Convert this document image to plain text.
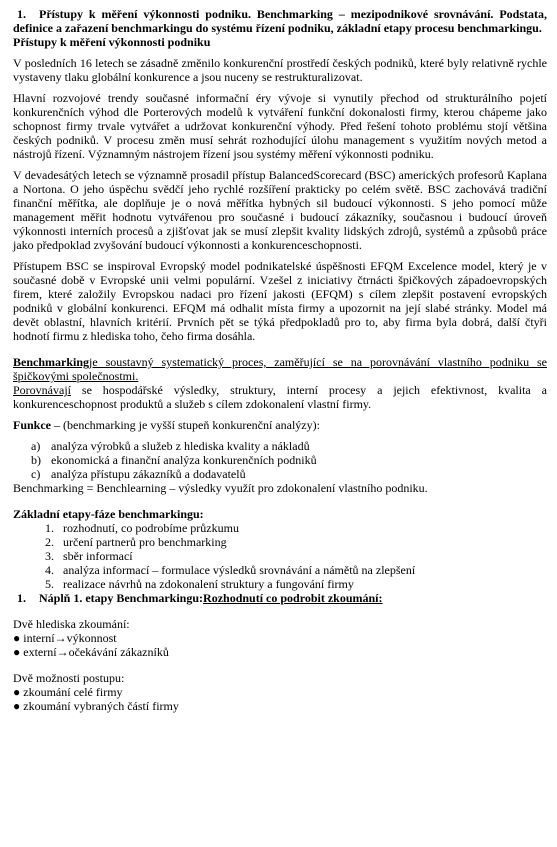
1. Přístupy k měření výkonnosti podniku. Benchmarking – mezipodnikové srovnávání. Podstata, definice a zařazení benchmarkingu do systému řízení podniku, základní etapy procesu benchmarkingu.

Přístupy k měření výkonnosti podniku

V posledních 16 letech se zásadně změnilo konkurenční prostředí českých podniků, které byly relativně rychle vystaveny tlaku globální konkurence a jsou nuceny se restrukturalizovat.

Hlavní rozvojové trendy současné informační éry vývoje si vynutily přechod od strukturálního pojetí konkurenčních výhod dle Porterových modelů k vytváření funkční dokonalosti firmy, kterou chápeme jako schopnost firmy trvale vytvářet a udržovat konkurenční výhody. Před řešení tohoto problému stojí většina českých podniků. V procesu změn musí sehrát rozhodující úlohu management s využitím nových metod a nástrojů řízení. Významným nástrojem řízení jsou systémy měření výkonnosti podniku.

V devadesátých letech se významně prosadil přístup BalancedScorecard (BSC) amerických profesorů Kaplana a Nortona. O jeho úspěchu svědčí jeho rychlé rozšíření prakticky po celém světě. BSC zachovává tradiční finanční měřítka, ale doplňuje je o nová měřítka hybných sil budoucí výkonnosti. S jeho pomocí může management měřit hodnotu vytvářenou pro současné i budoucí zákazníky, současnou i budoucí úroveň výkonnosti interních procesů a zjišťovat jak se musí zlepšit kvality lidských zdrojů, systémů a způsobů práce jako předpoklad zvyšování budoucí výkonnosti a konkurenceschopnosti.

Přístupem BSC se inspiroval Evropský model podnikatelské úspěšnosti EFQM Excelence model, který je v současné době v Evropské unii velmi populární. Vzešel z iniciativy čtrnácti špičkových západoevropských firem, které založily Evropskou nadaci pro řízení jakosti (EFQM) s cílem zlepšit postavení evropských podniků v globální konkurenci. EFQM má odhalit místa firmy a upozornit na její slabé stránky. Model má devět oblastní, hlavních kritérií. Prvních pět se týká předpokladů pro to, aby firma byla dobrá, další čtyři hodnotí firmu z hlediska toho, čeho firma dosáhla.

Benchmarkingje soustavný systematický proces, zaměřující se na porovnávání vlastního podniku se špičkovými společnostmi.

Porovnávají se hospodářské výsledky, struktury, interní procesy a jejich efektivnost, kvalita a konkurenceschopnost produktů a služeb s cílem zdokonalení vlastní firmy.

Funkce – (benchmarking je vyšší stupeň konkurenční analýzy):

a) analýza výrobků a služeb z hlediska kvality a nákladů
b) ekonomická a finanční analýza konkurenčních podniků
c) analýza přístupu zákazníků a dodavatelů

Benchmarking = Benchlearning – výsledky využít pro zdokonalení vlastního podniku.

Základní etapy-fáze benchmarkingu:

1. rozhodnutí, co podrobíme průzkumu
2. určení partnerů pro benchmarking
3. sběr informací
4. analýza informací – formulace výsledků srovnávání a námětů na zlepšení
5. realizace návrhů na zdokonalení struktury a fungování firmy

1. Náplň 1. etapy Benchmarkingu:Rozhodnutí co podrobit zkoumání:

Dvě hlediska zkoumání:

● interní→výkonnost

● externí→očekávání zákazníků

Dvě možnosti postupu:

● zkoumání celé firmy

● zkoumání vybraných částí firmy
